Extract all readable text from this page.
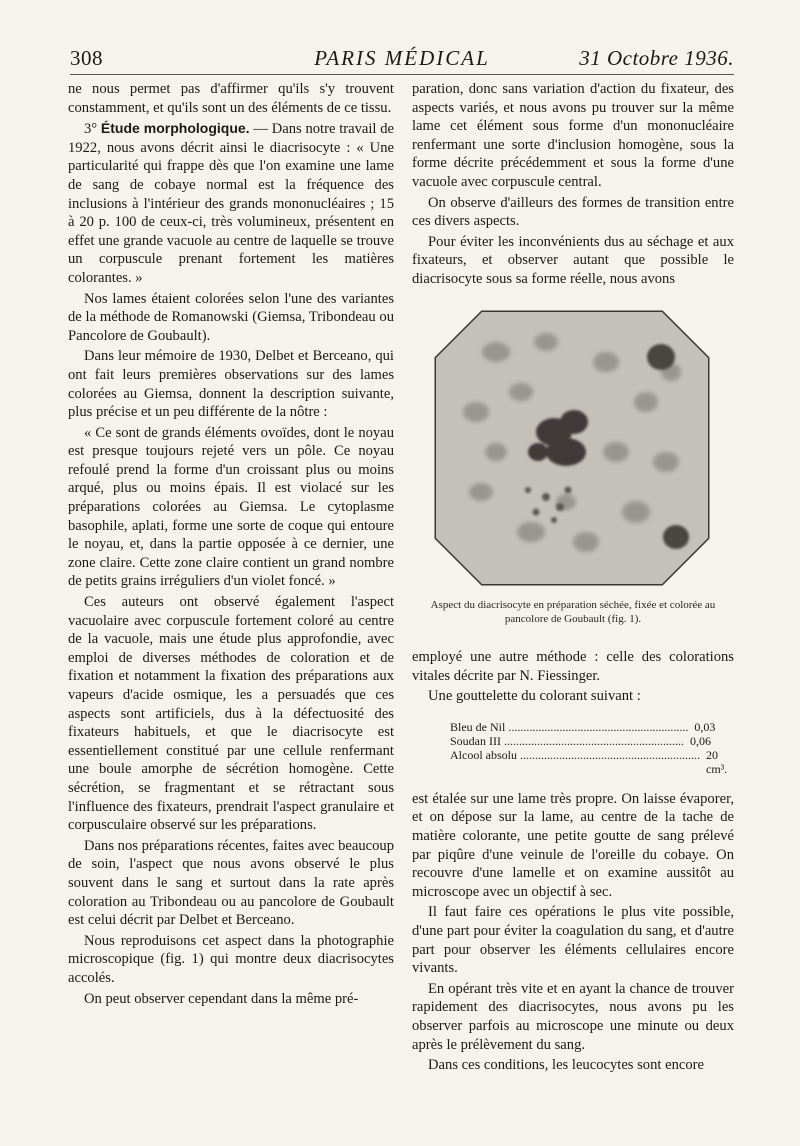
308	PARIS MÉDICAL	31 Octobre 1936.

ne nous permet pas d'affirmer qu'ils s'y trouvent constamment, et qu'ils sont un des éléments de ce tissu.

3° Étude morphologique. — Dans notre travail de 1922, nous avons décrit ainsi le diacrisocyte : « Une particularité qui frappe dès que l'on examine une lame de sang de cobaye normal est la fréquence des inclusions à l'intérieur des grands mononucléaires ; 15 à 20 p. 100 de ceux-ci, très volumineux, présentent en effet une grande vacuole au centre de laquelle se trouve un corpuscule prenant fortement les matières colorantes. »

Nos lames étaient colorées selon l'une des variantes de la méthode de Romanowski (Giemsa, Tribondeau ou Pancolore de Goubault).

Dans leur mémoire de 1930, Delbet et Berceano, qui ont fait leurs premières observations sur des lames colorées au Giemsa, donnent la description suivante, plus précise et un peu différente de la nôtre :

« Ce sont de grands éléments ovoïdes, dont le noyau est presque toujours rejeté vers un pôle. Ce noyau refoulé prend la forme d'un croissant plus ou moins arqué, plus ou moins épais. Il est violacé sur les préparations colorées au Giemsa. Le cytoplasme basophile, aplati, forme une sorte de coque qui entoure le noyau, et, dans la partie opposée à ce dernier, une zone claire. Cette zone claire contient un grand nombre de petits grains irréguliers d'un violet foncé. »

Ces auteurs ont observé également l'aspect vacuolaire avec corpuscule fortement coloré au centre de la vacuole, mais une étude plus approfondie, avec emploi de diverses méthodes de coloration et de fixation et notamment la fixation des préparations aux vapeurs d'acide osmique, les a persuadés que ces aspects sont artificiels, dus à la défectuosité des fixateurs habituels, et que le diacrisocyte est essentiellement constitué par une cellule renfermant une boule amorphe de sécrétion homogène. Cette sécrétion, se fragmentant et se rétractant sous l'influence des fixateurs, prendrait l'aspect granulaire et corpusculaire observé sur les préparations.

Dans nos préparations récentes, faites avec beaucoup de soin, l'aspect que nous avons observé le plus souvent dans le sang et surtout dans la rate après coloration au Tribondeau ou au pancolore de Goubault est celui décrit par Delbet et Berceano.

Nous reproduisons cet aspect dans la photographie microscopique (fig. 1) qui montre deux diacrisocytes accolés.

On peut observer cependant dans la même pré-

paration, donc sans variation d'action du fixateur, des aspects variés, et nous avons pu trouver sur la même lame cet élément sous forme d'un mononucléaire renfermant une sorte d'inclusion homogène, sous la forme décrite précédemment et sous la forme d'une vacuole avec corpuscule central.

On observe d'ailleurs des formes de transition entre ces divers aspects.

Pour éviter les inconvénients dus au séchage et aux fixateurs, et observer autant que possible le diacrisocyte sous sa forme réelle, nous avons

Aspect du diacrisocyte en préparation séchée, fixée et colorée au pancolore de Goubault (fig. 1).

employé une autre méthode : celle des colorations vitales décrite par N. Fiessinger.

Une gouttelette du colorant suivant :

Bleu de Nil ............................................................ 0,03
Soudan III ............................................................ 0,06
Alcool absolu ............................................................ 20 cm³.

est étalée sur une lame très propre. On laisse évaporer, et on dépose sur la lame, au centre de la tache de matière colorante, une petite goutte de sang prélevé par piqûre d'une veinule de l'oreille du cobaye. On recouvre d'une lamelle et on examine aussitôt au microscope avec un objectif à sec.

Il faut faire ces opérations le plus vite possible, d'une part pour éviter la coagulation du sang, et d'autre part pour observer les éléments cellulaires encore vivants.

En opérant très vite et en ayant la chance de trouver rapidement des diacrisocytes, nous avons pu les observer parfois au microscope une minute ou deux après le prélèvement du sang.

Dans ces conditions, les leucocytes sont encore
